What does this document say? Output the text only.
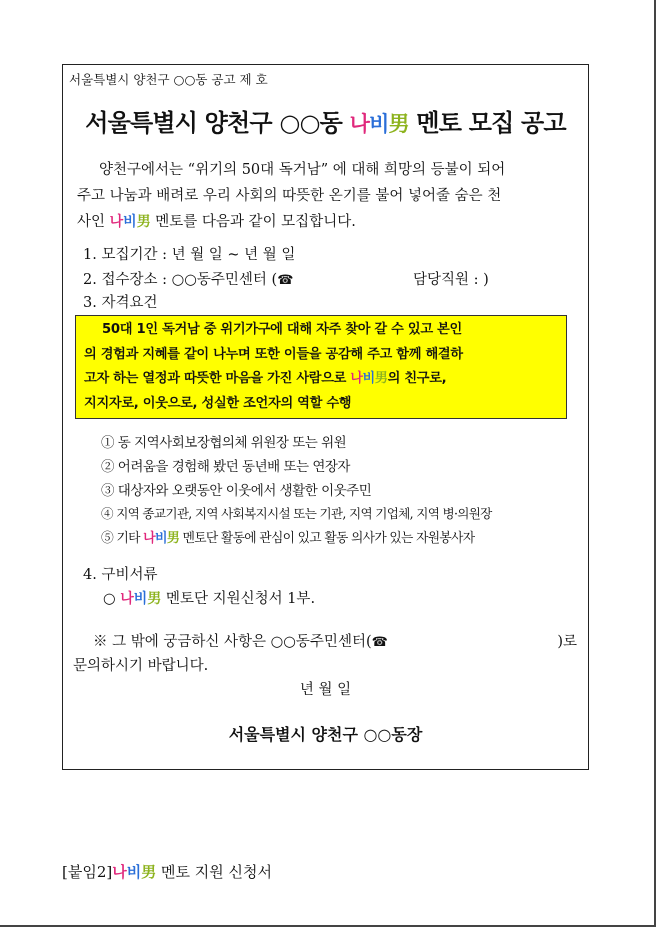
서울특별시 양천구 ○○동 공고 제 호
서울특별시 양천구 ○○동 나비男 멘토 모집 공고
양천구에서는 “위기의 50대 독거남” 에 대해 희망의 등불이 되어
주고 나눔과 배려로 우리 사회의 따뜻한 온기를 불어 넣어줄 숨은 천
사인 나비男 멘토를 다음과 같이 모집합니다.
1. 모집기간 : 년 월 일 ~ 년 월 일
2. 접수장소 : ○○동주민센터 (☎	담당직원 : )
3. 자격요건
50대 1인 독거남 중 위기가구에 대해 자주 찾아 갈 수 있고 본인
의 경험과 지혜를 같이 나누며 또한 이들을 공감해 주고 함께 해결하
고자 하는 열정과 따뜻한 마음을 가진 사람으로 나비男의 친구로,
지지자로, 이웃으로, 성실한 조언자의 역할 수행
① 동 지역사회보장협의체 위원장 또는 위원
② 어려움을 경험해 봤던 동년배 또는 연장자
③ 대상자와 오랫동안 이웃에서 생활한 이웃주민
④ 지역 종교기관, 지역 사회복지시설 또는 기관, 지역 기업체, 지역 병·의원장
⑤ 기타 나비男 멘토단 활동에 관심이 있고 활동 의사가 있는 자원봉사자
4. 구비서류
○ 나비男 멘토단 지원신청서 1부.
※ 그 밖에 궁금하신 사항은 ○○동주민센터(☎	)로
문의하시기 바랍니다.
년 월 일
서울특별시 양천구 ○○동장
[붙임2]나비男 멘토 지원 신청서
